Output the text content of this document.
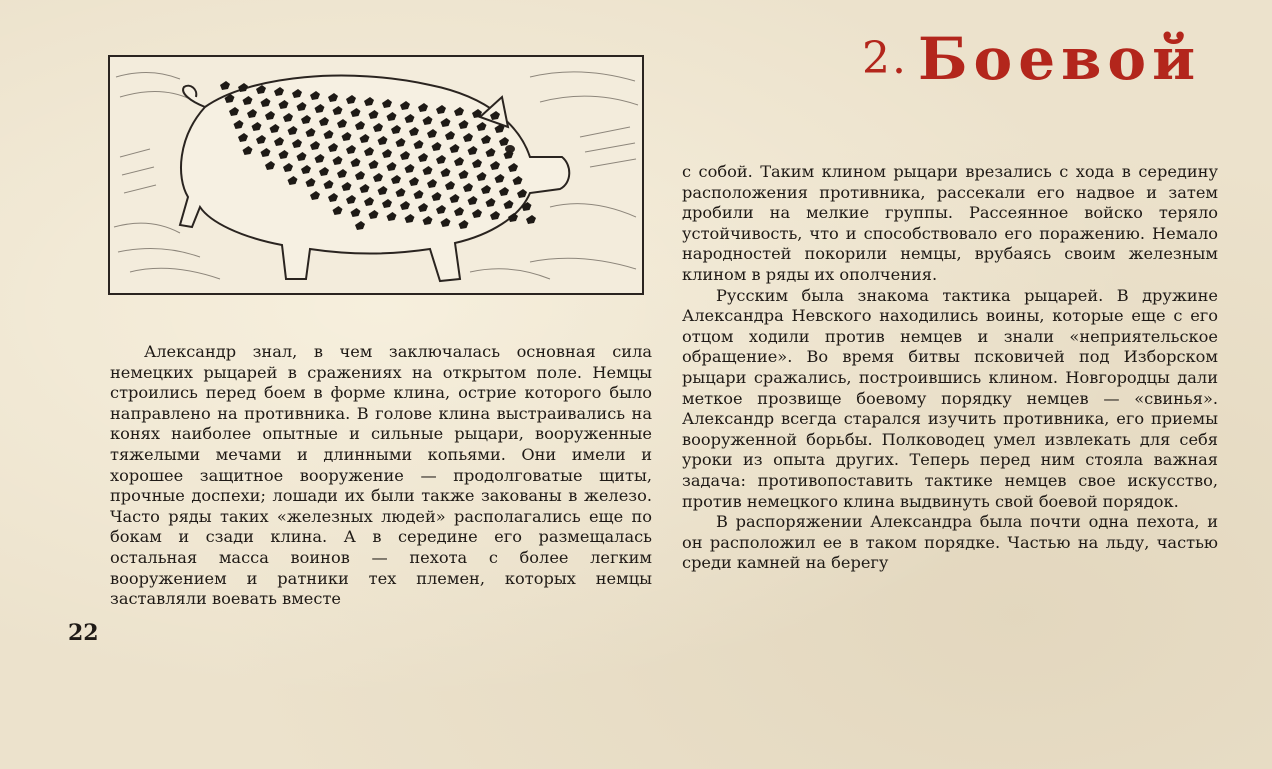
2. Боевой

Александр знал, в чем заключалась основная сила немецких рыцарей в сражениях на открытом поле. Немцы строились перед боем в форме клина, острие которого было направлено на противника. В голове клина выстраивались на конях наиболее опытные и сильные рыцари, вооруженные тяжелыми мечами и длинными копьями. Они имели и хорошее защитное вооружение — продолговатые щиты, прочные доспехи; лошади их были также закованы в железо. Часто ряды таких «железных людей» располагались еще по бокам и сзади клина. А в середине его размещалась остальная масса воинов — пехота с более легким вооружением и ратники тех племен, которых немцы заставляли воевать вместе

с собой. Таким клином рыцари врезались с хода в середину расположения противника, рассекали его надвое и затем дробили на мелкие группы. Рассеянное войско теряло устойчивость, что и способствовало его поражению. Немало народностей покорили немцы, врубаясь своим железным клином в ряды их ополчения.

Русским была знакома тактика рыцарей. В дружине Александра Невского находились воины, которые еще с его отцом ходили против немцев и знали «неприятельское обращение». Во время битвы псковичей под Изборском рыцари сражались, построившись клином. Новгородцы дали меткое прозвище боевому порядку немцев — «свинья». Александр всегда старался изучить противника, его приемы вооруженной борьбы. Полководец умел извлекать для себя уроки из опыта других. Теперь перед ним стояла важная задача: противопоставить тактике немцев свое искусство, против немецкого клина выдвинуть свой боевой порядок.

В распоряжении Александра была почти одна пехота, и он расположил ее в таком порядке. Частью на льду, частью среди камней на берегу

22
